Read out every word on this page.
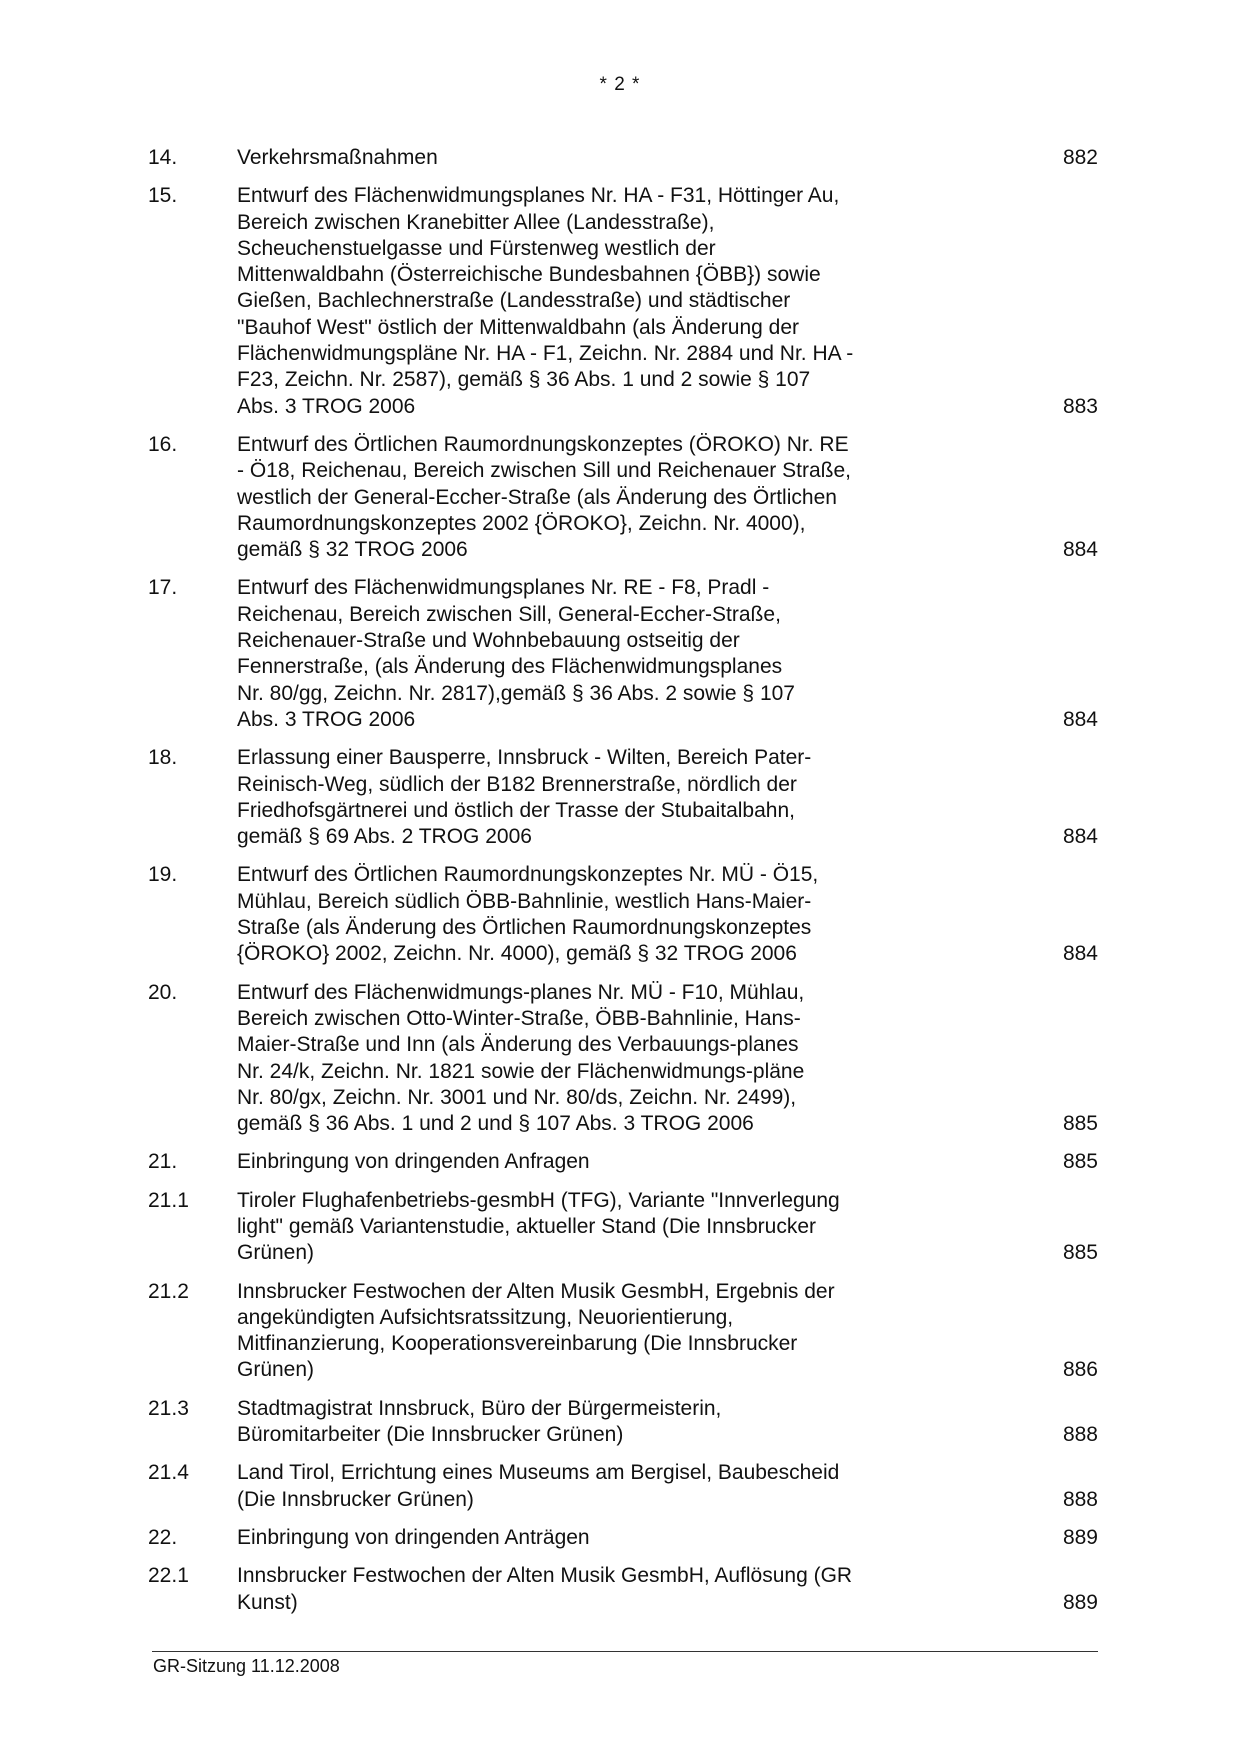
* 2 *
14.	Verkehrsmaßnahmen	882
15.	Entwurf des Flächenwidmungsplanes Nr. HA - F31, Höttinger Au,
Bereich zwischen Kranebitter Allee (Landesstraße),
Scheuchenstuelgasse und Fürstenweg westlich der
Mittenwaldbahn (Österreichische Bundesbahnen {ÖBB}) sowie
Gießen, Bachlechnerstraße (Landesstraße) und städtischer
"Bauhof West" östlich der Mittenwaldbahn (als Änderung der
Flächenwidmungspläne Nr. HA - F1, Zeichn. Nr. 2884 und Nr. HA -
F23, Zeichn. Nr. 2587), gemäß § 36 Abs. 1 und 2 sowie § 107
Abs. 3 TROG 2006	883
16.	Entwurf des Örtlichen Raumordnungskonzeptes (ÖROKO) Nr. RE
- Ö18, Reichenau, Bereich zwischen Sill und Reichenauer Straße,
westlich der General-Eccher-Straße (als Änderung des Örtlichen
Raumordnungskonzeptes 2002 {ÖROKO}, Zeichn. Nr. 4000),
gemäß § 32 TROG 2006	884
17.	Entwurf des Flächenwidmungsplanes Nr. RE - F8, Pradl -
Reichenau, Bereich zwischen Sill, General-Eccher-Straße,
Reichenauer-Straße und Wohnbebauung ostseitig der
Fennerstraße, (als Änderung des Flächenwidmungsplanes
Nr. 80/gg, Zeichn. Nr. 2817),gemäß § 36 Abs. 2 sowie § 107
Abs. 3 TROG 2006	884
18.	Erlassung einer Bausperre, Innsbruck - Wilten, Bereich Pater-
Reinisch-Weg, südlich der B182 Brennerstraße, nördlich der
Friedhofsgärtnerei und östlich der Trasse der Stubaitalbahn,
gemäß § 69 Abs. 2 TROG 2006	884
19.	Entwurf des Örtlichen Raumordnungskonzeptes Nr. MÜ - Ö15,
Mühlau, Bereich südlich ÖBB-Bahnlinie, westlich Hans-Maier-
Straße (als Änderung des Örtlichen Raumordnungskonzeptes
{ÖROKO} 2002, Zeichn. Nr. 4000), gemäß § 32 TROG 2006	884
20.	Entwurf des Flächenwidmungs-planes Nr. MÜ - F10, Mühlau,
Bereich zwischen Otto-Winter-Straße, ÖBB-Bahnlinie, Hans-
Maier-Straße und Inn (als Änderung des Verbauungs-planes
Nr. 24/k, Zeichn. Nr. 1821 sowie der Flächenwidmungs-pläne
Nr. 80/gx, Zeichn. Nr. 3001 und Nr. 80/ds, Zeichn. Nr. 2499),
gemäß § 36 Abs. 1 und 2 und § 107 Abs. 3 TROG 2006	885
21.	Einbringung von dringenden Anfragen	885
21.1	Tiroler Flughafenbetriebs-gesmbH (TFG), Variante "Innverlegung
light" gemäß Variantenstudie, aktueller Stand (Die Innsbrucker
Grünen)	885
21.2	Innsbrucker Festwochen der Alten Musik GesmbH, Ergebnis der
angekündigten Aufsichtsratssitzung, Neuorientierung,
Mitfinanzierung, Kooperationsvereinbarung (Die Innsbrucker
Grünen)	886
21.3	Stadtmagistrat Innsbruck, Büro der Bürgermeisterin,
Büromitarbeiter (Die Innsbrucker Grünen)	888
21.4	Land Tirol, Errichtung eines Museums am Bergisel, Baubescheid
(Die Innsbrucker Grünen)	888
22.	Einbringung von dringenden Anträgen	889
22.1	Innsbrucker Festwochen der Alten Musik GesmbH, Auflösung (GR
Kunst)	889
GR-Sitzung 11.12.2008
